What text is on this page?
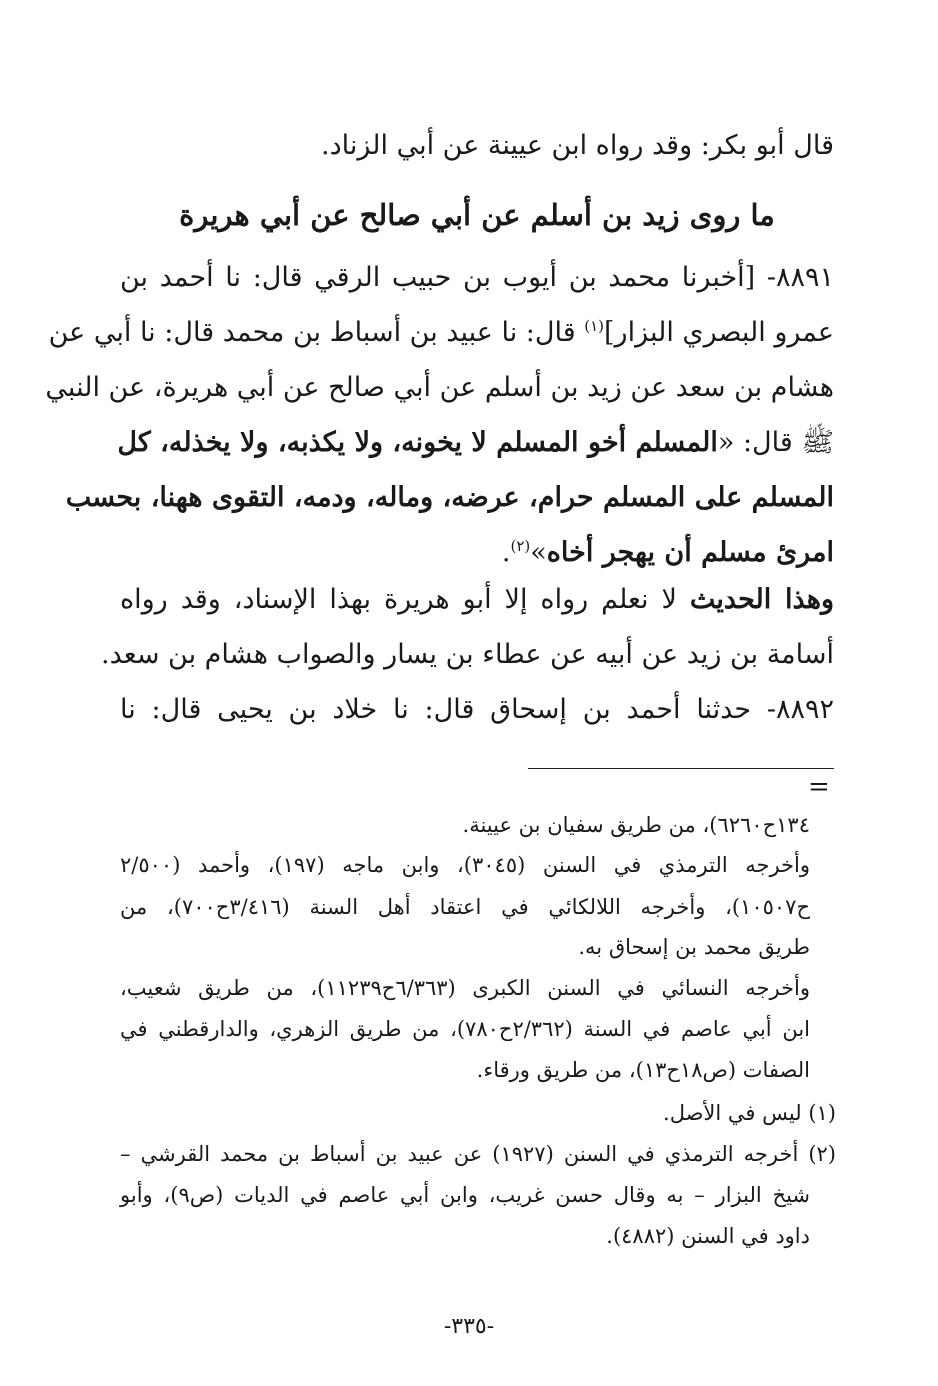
قال أبو بكر: وقد رواه ابن عيينة عن أبي الزناد.
ما روى زيد بن أسلم عن أبي صالح عن أبي هريرة
٨٨٩١- [أخبرنا محمد بن أيوب بن حبيب الرقي قال: نا أحمد بن
عمرو البصري البزار]$^{(١)}$ قال: نا عبيد بن أسباط بن محمد قال: نا أبي عن
هشام بن سعد عن زيد بن أسلم عن أبي صالح عن أبي هريرة، عن النبي
ﷺ قال: «المسلم أخو المسلم لا يخونه، ولا يكذبه، ولا يخذله، كل
المسلم على المسلم حرام، عرضه، وماله، ودمه، التقوى ههنا، بحسب
امرئ مسلم أن يهجر أخاه»$^{(٢)}$.
وهذا الحديث لا نعلم رواه إلا أبو هريرة بهذا الإسناد، وقد رواه
أسامة بن زيد عن أبيه عن عطاء بن يسار والصواب هشام بن سعد.
٨٨٩٢- حدثنا أحمد بن إسحاق قال: نا خلاد بن يحيى قال: نا
=
١٣٤ح٦٢٦٠)، من طريق سفيان بن عيينة.
وأخرجه الترمذي في السنن (٣٠٤٥)، وابن ماجه (١٩٧)، وأحمد (٢/٥٠٠
ح١٠٥٠٧)، وأخرجه اللالكائي في اعتقاد أهل السنة (٣/٤١٦ح٧٠٠)، من
طريق محمد بن إسحاق به.
وأخرجه النسائي في السنن الكبرى (٦/٣٦٣ح١١٢٣٩)، من طريق شعيب،
ابن أبي عاصم في السنة (٢/٣٦٢ح٧٨٠)، من طريق الزهري، والدارقطني في
الصفات (ص١٨ح١٣)، من طريق ورقاء.
(١) ليس في الأصل.
(٢) أخرجه الترمذي في السنن (١٩٢٧) عن عبيد بن أسباط بن محمد القرشي –
شيخ البزار – به وقال حسن غريب، وابن أبي عاصم في الديات (ص٩)، وأبو
داود في السنن (٤٨٨٢).
-٣٣٥-
